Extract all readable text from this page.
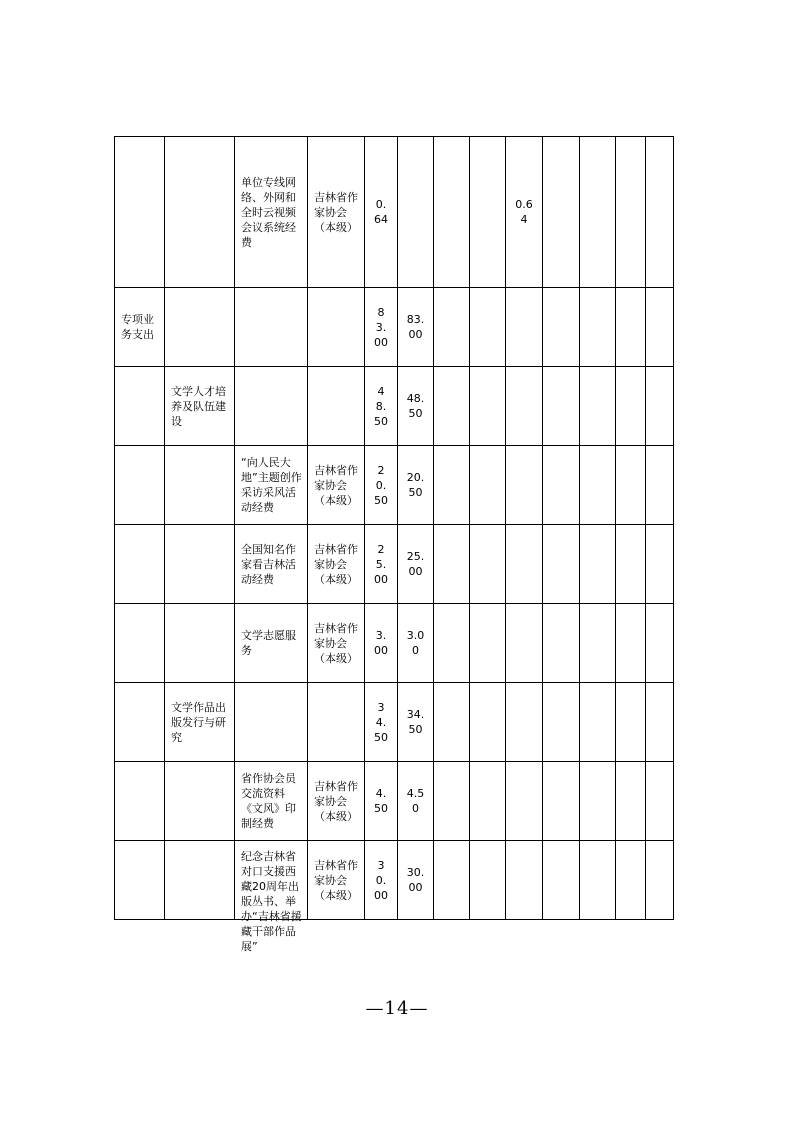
		单位专线网络、外网和全时云视频会议系统经费	吉林省作家协会（本级）	0.64				0.64				

专项业务支出				83.00	83.00							

	文学人才培养及队伍建设			48.50	48.50							

		“向人民大地”主题创作采访采风活动经费	吉林省作家协会（本级）	20.50	20.50							

		全国知名作家看吉林活动经费	吉林省作家协会（本级）	25.00	25.00							

		文学志愿服务	吉林省作家协会（本级）	3.00	3.00							

	文学作品出版发行与研究			34.50	34.50							

		省作协会员交流资料《文风》印制经费	吉林省作家协会（本级）	4.50	4.50							

		纪念吉林省对口支援西藏20周年出版丛书、举办“吉林省援藏干部作品展”	吉林省作家协会（本级）	30.00	30.00							

—14—
